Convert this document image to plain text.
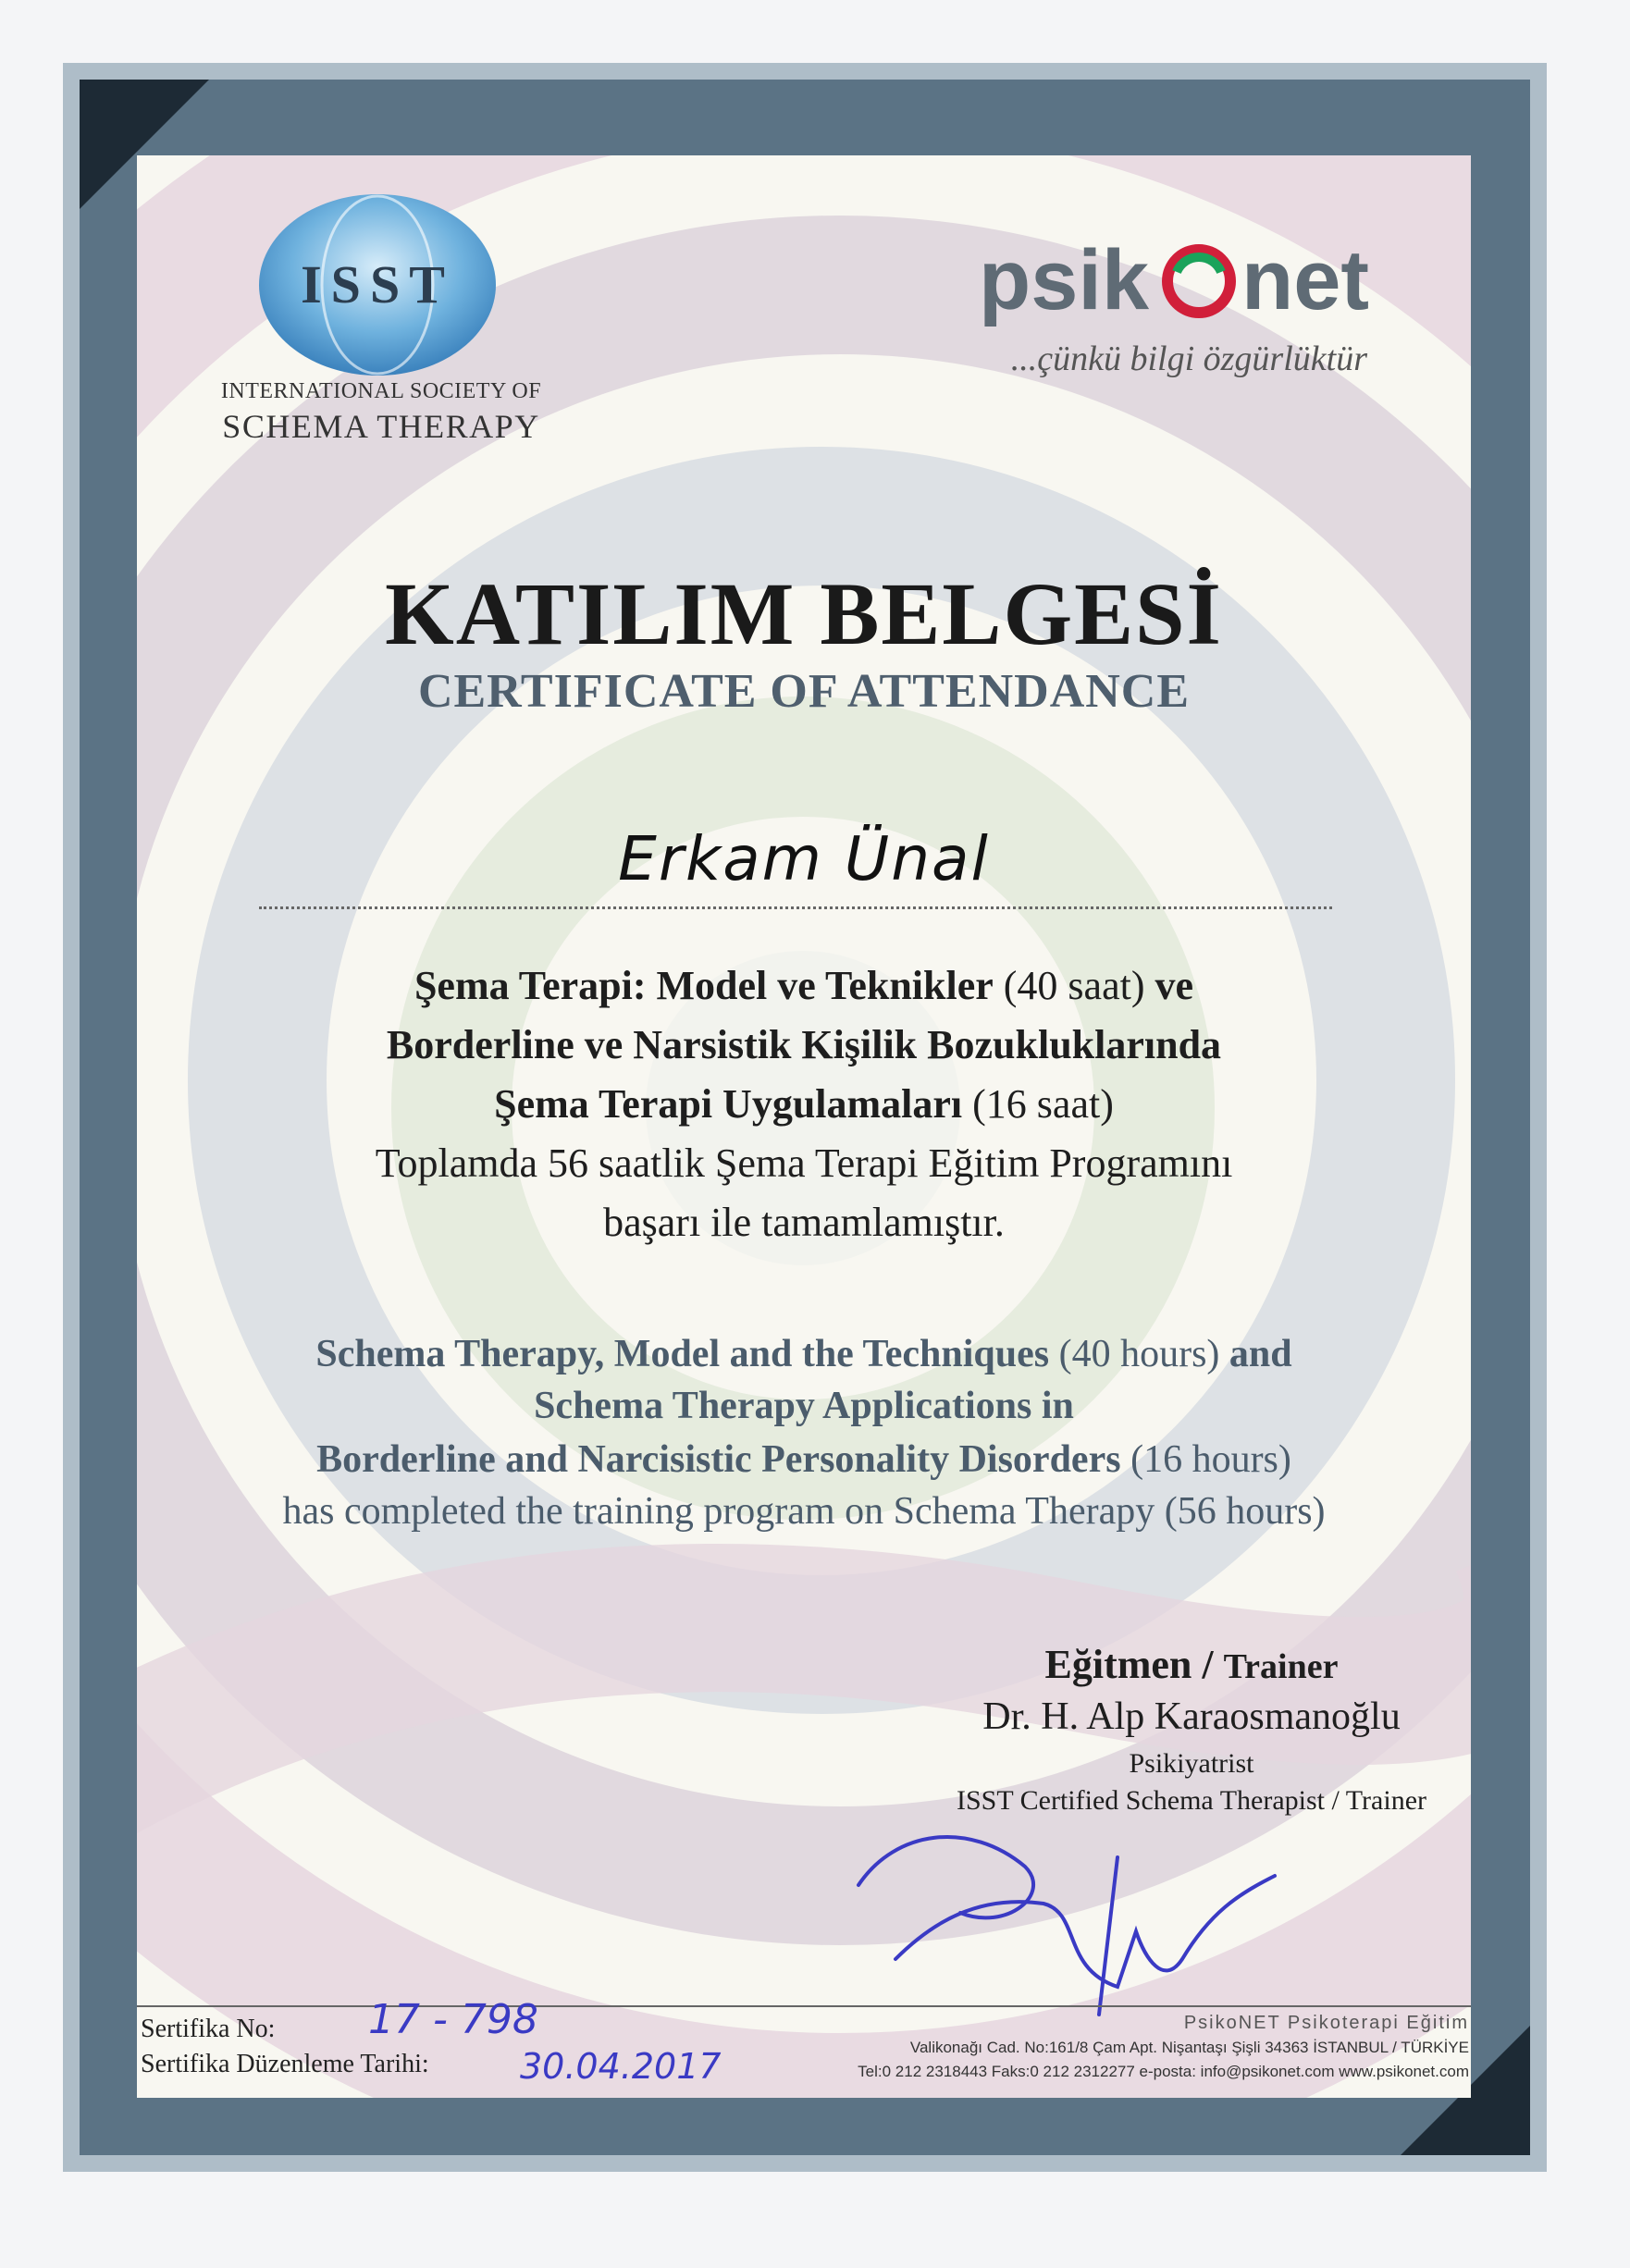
ISST
INTERNATIONAL SOCIETY OF
SCHEMA THERAPY
psik net
...çünkü bilgi özgürlüktür
KATILIM BELGESİ
CERTIFICATE OF ATTENDANCE
Erkam Ünal
Şema Terapi: Model ve Teknikler (40 saat) ve
Borderline ve Narsistik Kişilik Bozukluklarında
Şema Terapi Uygulamaları (16 saat)
Toplamda 56 saatlik Şema Terapi Eğitim Programını
başarı ile tamamlamıştır.
Schema Therapy, Model and the Techniques (40 hours) and
Schema Therapy Applications in
Borderline and Narcisistic Personality Disorders (16 hours)
has completed the training program on Schema Therapy (56 hours)
Eğitmen / Trainer
Dr. H. Alp Karaosmanoğlu
Psikiyatrist
ISST Certified Schema Therapist / Trainer
Sertifika No: 17 - 798
Sertifika Düzenleme Tarihi:	30.04.2017
PsikoNET Psikoterapi Eğitim
Valikonağı Cad. No:161/8 Çam Apt. Nişantaşı Şişli 34363 İSTANBUL / TÜRKİYE
Tel:0 212 2318443 Faks:0 212 2312277 e-posta: info@psikonet.com www.psikonet.com
